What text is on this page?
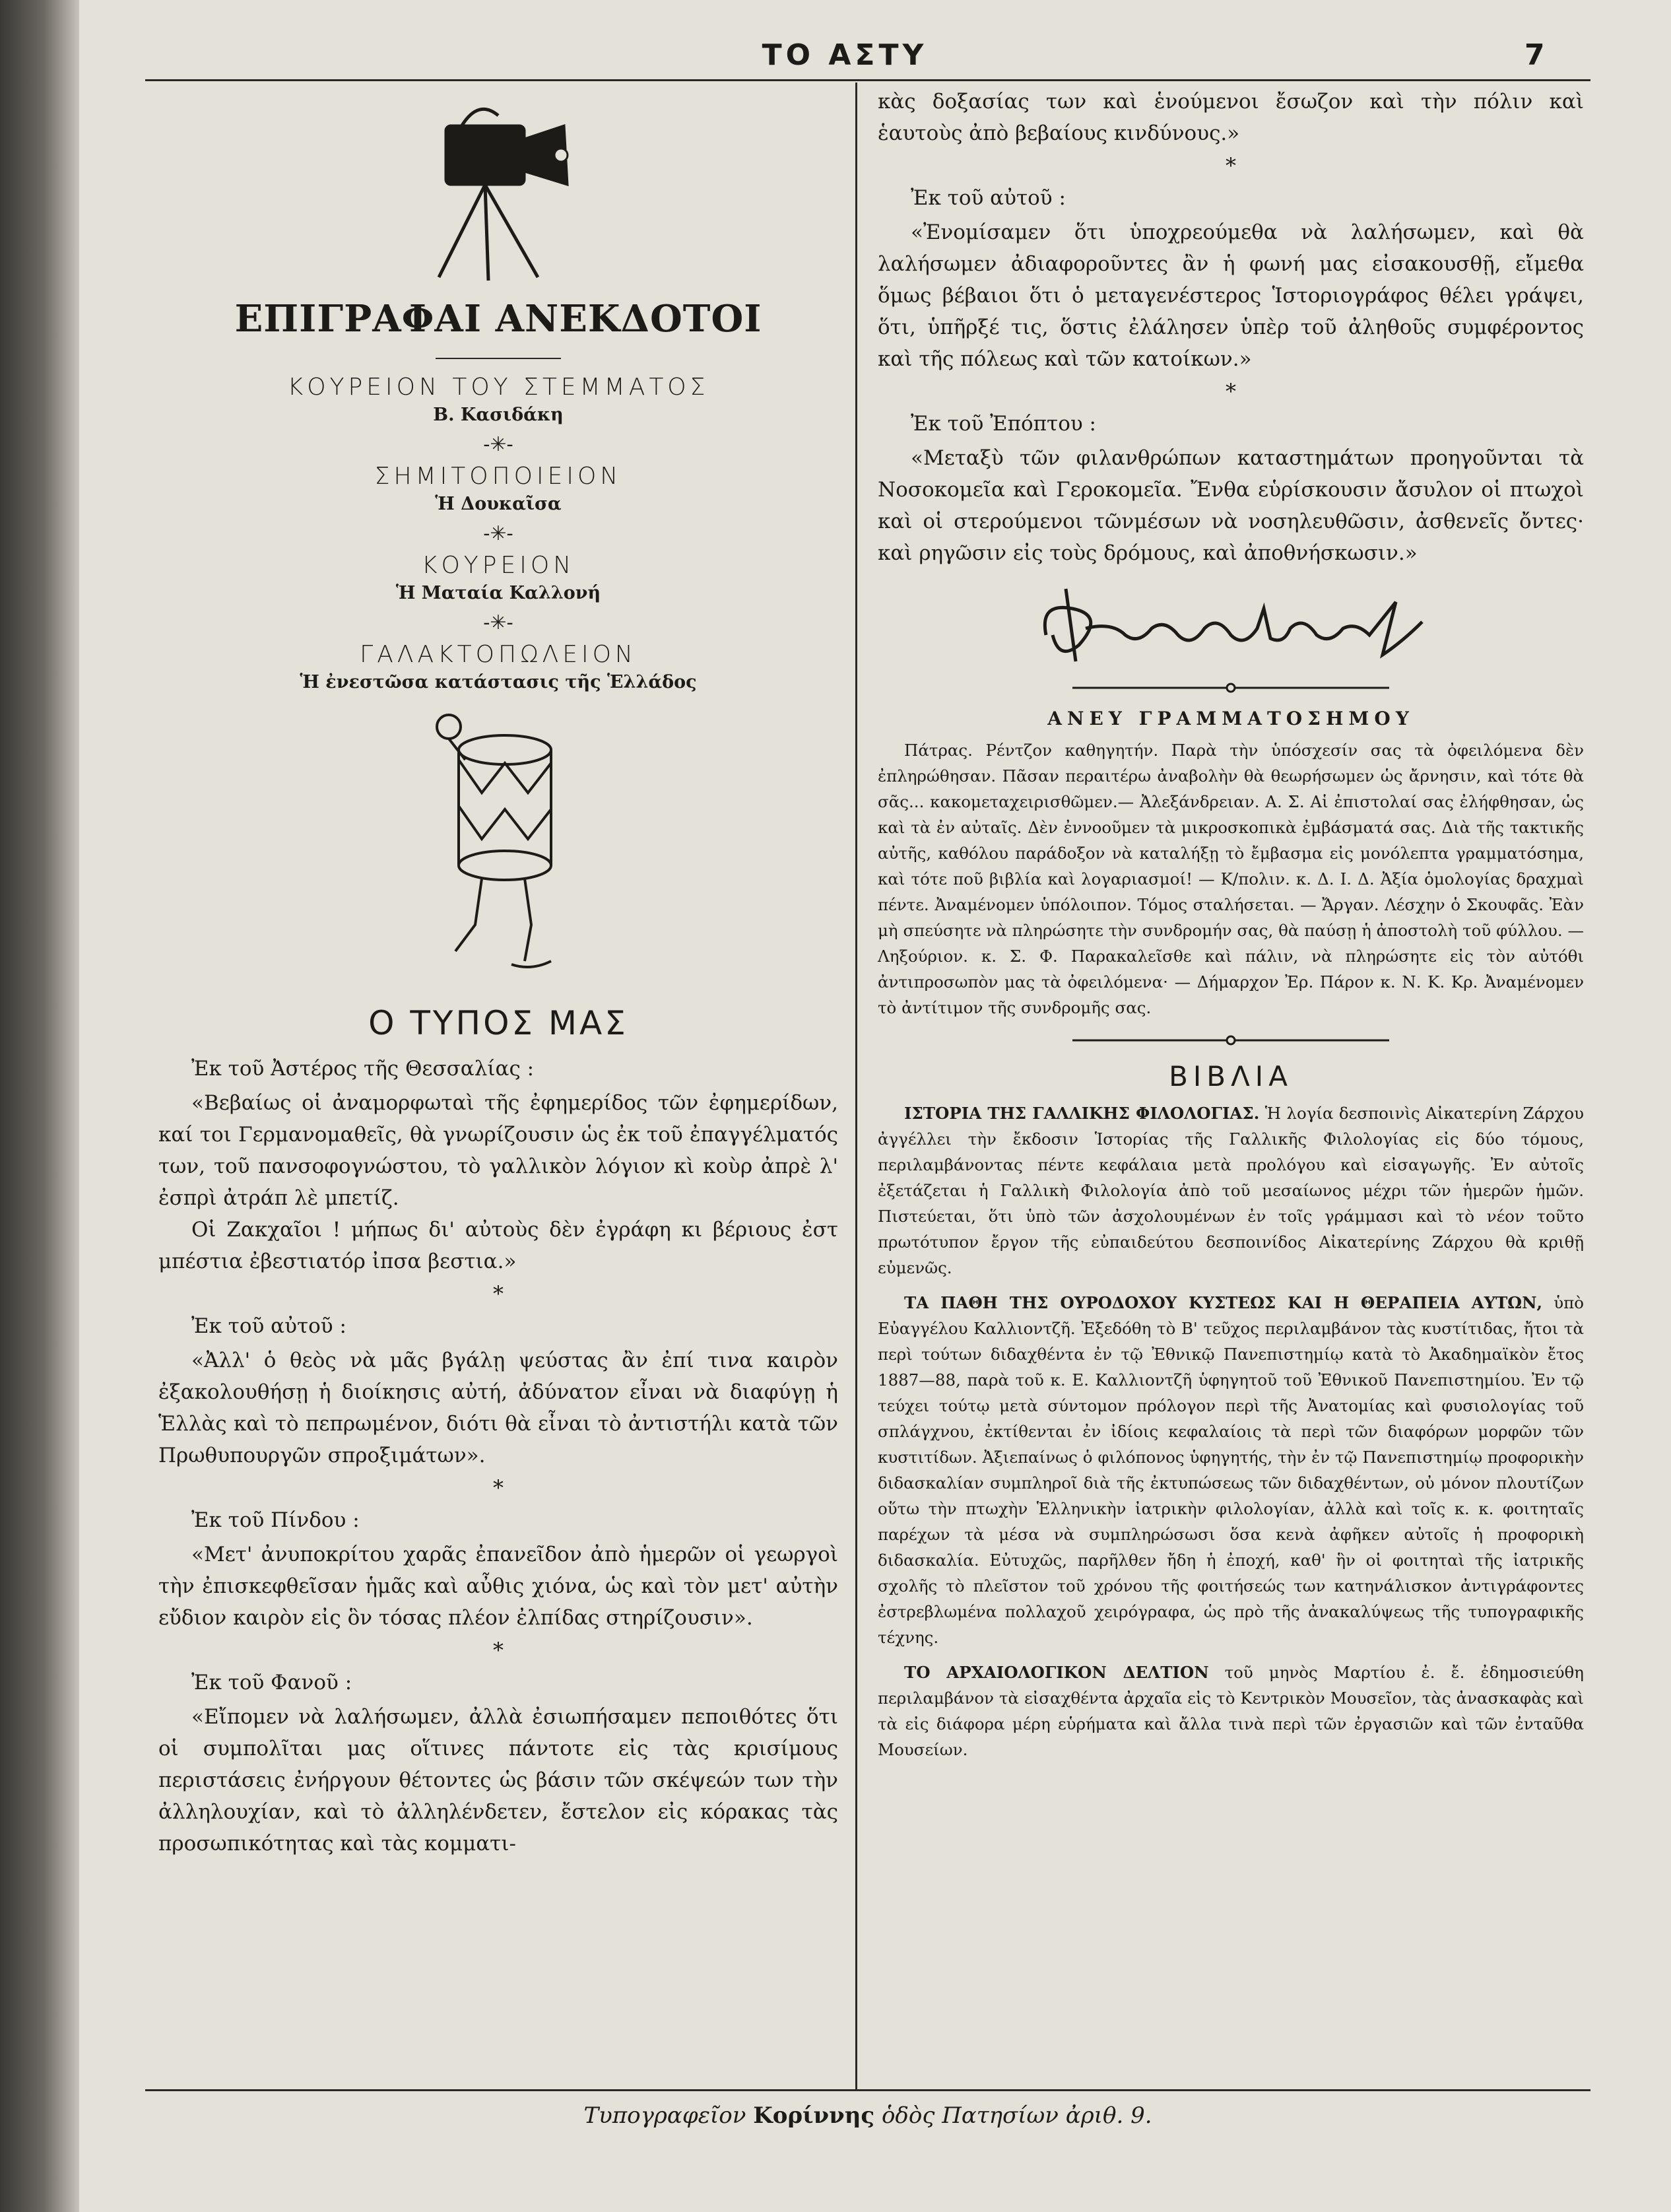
ΤΟ ΑΣΤΥ	7
ΕΠΙΓΡΑΦΑΙ ΑΝΕΚΔΟΤΟΙ

ΚΟΥΡΕΙΟΝ ΤΟΥ ΣΤΕΜΜΑΤΟΣ

Β. Κασιδάκη

-✳-

ΣΗΜΙΤΟΠΟΙΕΙΟΝ

Ἡ Δουκαῖσα

-✳-

ΚΟΥΡΕΙΟΝ

Ἡ Ματαία Καλλονή

-✳-

ΓΑΛΑΚΤΟΠΩΛΕΙΟΝ

Ἡ ἐνεστῶσα κατάστασις τῆς Ἑλλάδος

Ο ΤΥΠΟΣ ΜΑΣ

Ἐκ τοῦ Ἀστέρος τῆς Θεσσαλίας :

«Βεβαίως οἱ ἀναμορφωταὶ τῆς ἐφημερίδος τῶν ἐφημερίδων, καί τοι Γερμανομαθεῖς, θὰ γνωρίζουσιν ὡς ἐκ τοῦ ἐπαγγέλματός των, τοῦ πανσοφογνώστου, τὸ γαλλικὸν λόγιον κὶ κοὺρ ἀπρὲ λ' ἐσπρὶ ἀτράπ λὲ μπετίζ.

Οἱ Ζακχαῖοι ! μήπως δι' αὐτοὺς δὲν ἐγράφη κι βέριους ἐστ μπέστια ἐβεστιατόρ ἰπσα βεστια.»

*

Ἐκ τοῦ αὐτοῦ :

«Ἀλλ' ὁ θεὸς νὰ μᾶς βγάλῃ ψεύστας ἂν ἐπί τινα καιρὸν ἐξακολουθήσῃ ἡ διοίκησις αὐτή, ἀδύνατον εἶναι νὰ διαφύγῃ ἡ Ἑλλὰς καὶ τὸ πεπρωμένον, διότι θὰ εἶναι τὸ ἀντιστήλι κατὰ τῶν Πρωθυπουργῶν σπροξιμάτων».

*

Ἐκ τοῦ Πίνδου :

«Μετ' ἀνυποκρίτου χαρᾶς ἐπανεῖδον ἀπὸ ἡμερῶν οἱ γεωργοὶ τὴν ἐπισκεφθεῖσαν ἡμᾶς καὶ αὖθις χιόνα, ὡς καὶ τὸν μετ' αὐτὴν εὔδιον καιρὸν εἰς ὃν τόσας πλέον ἐλπίδας στηρίζουσιν».

*

Ἐκ τοῦ Φανοῦ :

«Εἴπομεν νὰ λαλήσωμεν, ἀλλὰ ἐσιωπήσαμεν πεποιθότες ὅτι οἱ συμπολῖται μας οἵτινες πάντοτε εἰς τὰς κρισίμους περιστάσεις ἐνήργουν θέτοντες ὡς βάσιν τῶν σκέψεών των τὴν ἀλληλουχίαν, καὶ τὸ ἀλληλένδετεν, ἔστελον εἰς κόρακας τὰς προσωπικότητας καὶ τὰς κομματι-

κὰς δοξασίας των καὶ ἑνούμενοι ἔσωζον καὶ τὴν πόλιν καὶ ἑαυτοὺς ἀπὸ βεβαίους κινδύνους.»

*

Ἐκ τοῦ αὐτοῦ :

«Ἐνομίσαμεν ὅτι ὑποχρεούμεθα νὰ λαλήσωμεν, καὶ θὰ λαλήσωμεν ἀδιαφοροῦντες ἂν ἡ φωνή μας εἰσακουσθῇ, εἴμεθα ὅμως βέβαιοι ὅτι ὁ μεταγενέστερος Ἱστοριογράφος θέλει γράψει, ὅτι, ὑπῆρξέ τις, ὅστις ἐλάλησεν ὑπὲρ τοῦ ἀληθοῦς συμφέροντος καὶ τῆς πόλεως καὶ τῶν κατοίκων.»

*

Ἐκ τοῦ Ἐπόπτου :

«Μεταξὺ τῶν φιλανθρώπων καταστημάτων προηγοῦνται τὰ Νοσοκομεῖα καὶ Γεροκομεῖα. Ἔνθα εὑρίσκουσιν ἄσυλον οἱ πτωχοὶ καὶ οἱ στερούμενοι τῶνμέσων νὰ νοσηλευθῶσιν, ἀσθενεῖς ὄντες· καὶ ρηγῶσιν εἰς τοὺς δρόμους, καὶ ἀποθνήσκωσιν.»

ΑΝΕΥ ΓΡΑΜΜΑΤΟΣΗΜΟΥ

Πάτρας. Ρέντζον καθηγητήν. Παρὰ τὴν ὑπόσχεσίν σας τὰ ὀφειλόμενα δὲν ἐπληρώθησαν. Πᾶσαν περαιτέρω ἀναβολὴν θὰ θεωρήσωμεν ὡς ἄρνησιν, καὶ τότε θὰ σᾶς... κακομεταχειρισθῶμεν.— Ἀλεξάνδρειαν. Α. Σ. Αἱ ἐπιστολαί σας ἐλήφθησαν, ὡς καὶ τὰ ἐν αὐταῖς. Δὲν ἐννοοῦμεν τὰ μικροσκοπικὰ ἐμβάσματά σας. Διὰ τῆς τακτικῆς αὐτῆς, καθόλου παράδοξον νὰ καταλήξῃ τὸ ἔμβασμα εἰς μονόλεπτα γραμματόσημα, καὶ τότε ποῦ βιβλία καὶ λογαριασμοί! — Κ/πολιν. κ. Δ. Ι. Δ. Ἀξία ὁμολογίας δραχμαὶ πέντε. Ἀναμένομεν ὑπόλοιπον. Τόμος σταλήσεται. — Ἄργαν. Λέσχην ὁ Σκουφᾶς. Ἐὰν μὴ σπεύσητε νὰ πληρώσητε τὴν συνδρομήν σας, θὰ παύσῃ ἡ ἀποστολὴ τοῦ φύλλου. — Ληξούριον. κ. Σ. Φ. Παρακαλεῖσθε καὶ πάλιν, νὰ πληρώσητε εἰς τὸν αὐτόθι ἀντιπροσωπὸν μας τὰ ὀφειλόμενα· — Δήμαρχον Ἐρ. Πάρον κ. Ν. Κ. Κρ. Ἀναμένομεν τὸ ἀντίτιμον τῆς συνδρομῆς σας.

ΒΙΒΛΙΑ

ΙΣΤΟΡΙΑ ΤΗΣ ΓΑΛΛΙΚΗΣ ΦΙΛΟΛΟΓΙΑΣ. Ἡ λογία δεσποινὶς Αἰκατερίνη Ζάρχου ἀγγέλλει τὴν ἔκδοσιν Ἱστορίας τῆς Γαλλικῆς Φιλολογίας εἰς δύο τόμους, περιλαμβάνοντας πέντε κεφάλαια μετὰ προλόγου καὶ εἰσαγωγῆς. Ἐν αὐτοῖς ἐξετάζεται ἡ Γαλλικὴ Φιλολογία ἀπὸ τοῦ μεσαίωνος μέχρι τῶν ἡμερῶν ἡμῶν. Πιστεύεται, ὅτι ὑπὸ τῶν ἀσχολουμένων ἐν τοῖς γράμμασι καὶ τὸ νέον τοῦτο πρωτότυπον ἔργον τῆς εὐπαιδεύτου δεσποινίδος Αἰκατερίνης Ζάρχου θὰ κριθῇ εὐμενῶς.

ΤΑ ΠΑΘΗ ΤΗΣ ΟΥΡΟΔΟΧΟΥ ΚΥΣΤΕΩΣ ΚΑΙ Η ΘΕΡΑΠΕΙΑ ΑΥΤΩΝ, ὑπὸ Εὐαγγέλου Καλλιοντζῆ. Ἐξεδόθη τὸ Β' τεῦχος περιλαμβάνον τὰς κυστίτιδας, ἤτοι τὰ περὶ τούτων διδαχθέντα ἐν τῷ Ἐθνικῷ Πανεπιστημίῳ κατὰ τὸ Ἀκαδημαϊκὸν ἔτος 1887—88, παρὰ τοῦ κ. Ε. Καλλιοντζῆ ὑφηγητοῦ τοῦ Ἐθνικοῦ Πανεπιστημίου. Ἐν τῷ τεύχει τούτῳ μετὰ σύντομον πρόλογον περὶ τῆς Ἀνατομίας καὶ φυσιολογίας τοῦ σπλάγχνου, ἐκτίθενται ἐν ἰδίοις κεφαλαίοις τὰ περὶ τῶν διαφόρων μορφῶν τῶν κυστιτίδων. Ἀξιεπαίνως ὁ φιλόπονος ὑφηγητής, τὴν ἐν τῷ Πανεπιστημίῳ προφορικὴν διδασκαλίαν συμπληροῖ διὰ τῆς ἐκτυπώσεως τῶν διδαχθέντων, οὐ μόνον πλουτίζων οὕτω τὴν πτωχὴν Ἑλληνικὴν ἰατρικὴν φιλολογίαν, ἀλλὰ καὶ τοῖς κ. κ. φοιτηταῖς παρέχων τὰ μέσα νὰ συμπληρώσωσι ὅσα κενὰ ἀφῆκεν αὐτοῖς ἡ προφορικὴ διδασκαλία. Εὐτυχῶς, παρῆλθεν ἤδη ἡ ἐποχή, καθ' ἣν οἱ φοιτηταὶ τῆς ἰατρικῆς σχολῆς τὸ πλεῖστον τοῦ χρόνου τῆς φοιτήσεώς των κατηνάλισκον ἀντιγράφοντες ἐστρεβλωμένα πολλαχοῦ χειρόγραφα, ὡς πρὸ τῆς ἀνακαλύψεως τῆς τυπογραφικῆς τέχνης.

ΤΟ ΑΡΧΑΙΟΛΟΓΙΚΟΝ ΔΕΛΤΙΟΝ τοῦ μηνὸς Μαρτίου ἐ. ἔ. ἐδημοσιεύθη περιλαμβάνον τὰ εἰσαχθέντα ἀρχαῖα εἰς τὸ Κεντρικὸν Μουσεῖον, τὰς ἀνασκαφὰς καὶ τὰ εἰς διάφορα μέρη εὑρήματα καὶ ἄλλα τινὰ περὶ τῶν ἐργασιῶν καὶ τῶν ἐνταῦθα Μουσείων.

Τυπογραφεῖον Κορίννης ὁδὸς Πατησίων ἀριθ. 9.
